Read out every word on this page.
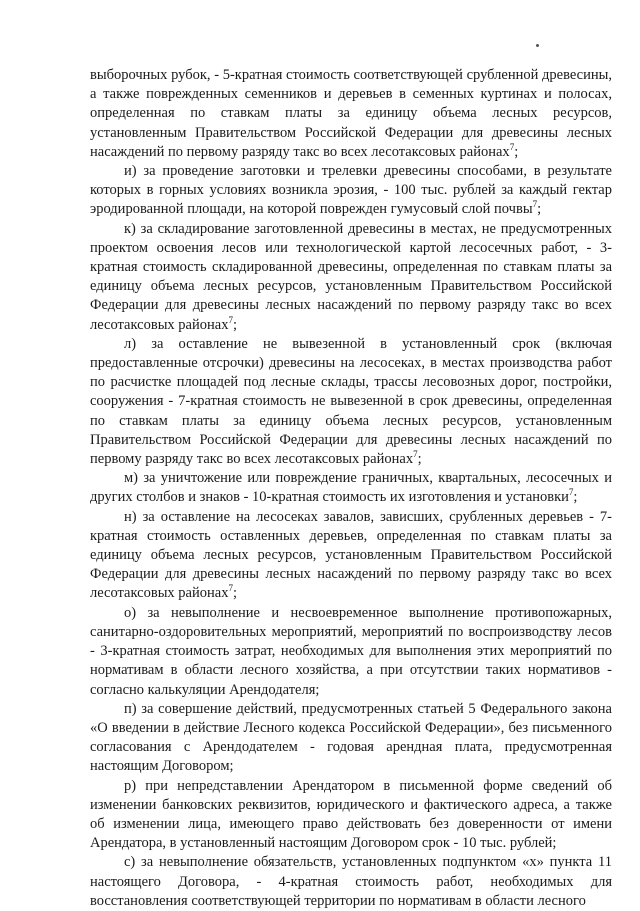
выборочных рубок, - 5-кратная стоимость соответствующей срубленной древесины, а также поврежденных семенников и деревьев в семенных куртинах и полосах, определенная по ставкам платы за единицу объема лесных ресурсов, установленным Правительством Российской Федерации для древесины лесных насаждений по первому разряду такс во всех лесотаксовых районах$^7$;

и) за проведение заготовки и трелевки древесины способами, в результате которых в горных условиях возникла эрозия, - 100 тыс. рублей за каждый гектар эродированной площади, на которой поврежден гумусовый слой почвы$^7$;

к) за складирование заготовленной древесины в местах, не предусмотренных проектом освоения лесов или технологической картой лесосечных работ, - 3-кратная стоимость складированной древесины, определенная по ставкам платы за единицу объема лесных ресурсов, установленным Правительством Российской Федерации для древесины лесных насаждений по первому разряду такс во всех лесотаксовых районах$^7$;

л) за оставление не вывезенной в установленный срок (включая предоставленные отсрочки) древесины на лесосеках, в местах производства работ по расчистке площадей под лесные склады, трассы лесовозных дорог, постройки, сооружения - 7-кратная стоимость не вывезенной в срок древесины, определенная по ставкам платы за единицу объема лесных ресурсов, установленным Правительством Российской Федерации для древесины лесных насаждений по первому разряду такс во всех лесотаксовых районах$^7$;

м) за уничтожение или повреждение граничных, квартальных, лесосечных и других столбов и знаков - 10-кратная стоимость их изготовления и установки$^7$;

н) за оставление на лесосеках завалов, зависших, срубленных деревьев - 7-кратная стоимость оставленных деревьев, определенная по ставкам платы за единицу объема лесных ресурсов, установленным Правительством Российской Федерации для древесины лесных насаждений по первому разряду такс во всех лесотаксовых районах$^7$;

о) за невыполнение и несвоевременное выполнение противопожарных, санитарно-оздоровительных мероприятий, мероприятий по воспроизводству лесов - 3-кратная стоимость затрат, необходимых для выполнения этих мероприятий по нормативам в области лесного хозяйства, а при отсутствии таких нормативов - согласно калькуляции Арендодателя;

п) за совершение действий, предусмотренных статьей 5 Федерального закона «О введении в действие Лесного кодекса Российской Федерации», без письменного согласования с Арендодателем - годовая арендная плата, предусмотренная настоящим Договором;

р) при непредставлении Арендатором в письменной форме сведений об изменении банковских реквизитов, юридического и фактического адреса, а также об изменении лица, имеющего право действовать без доверенности от имени Арендатора, в установленный настоящим Договором срок - 10 тыс. рублей;

с) за невыполнение обязательств, установленных подпунктом «х» пункта 11 настоящего Договора, - 4-кратная стоимость работ, необходимых для восстановления соответствующей территории по нормативам в области лесного
